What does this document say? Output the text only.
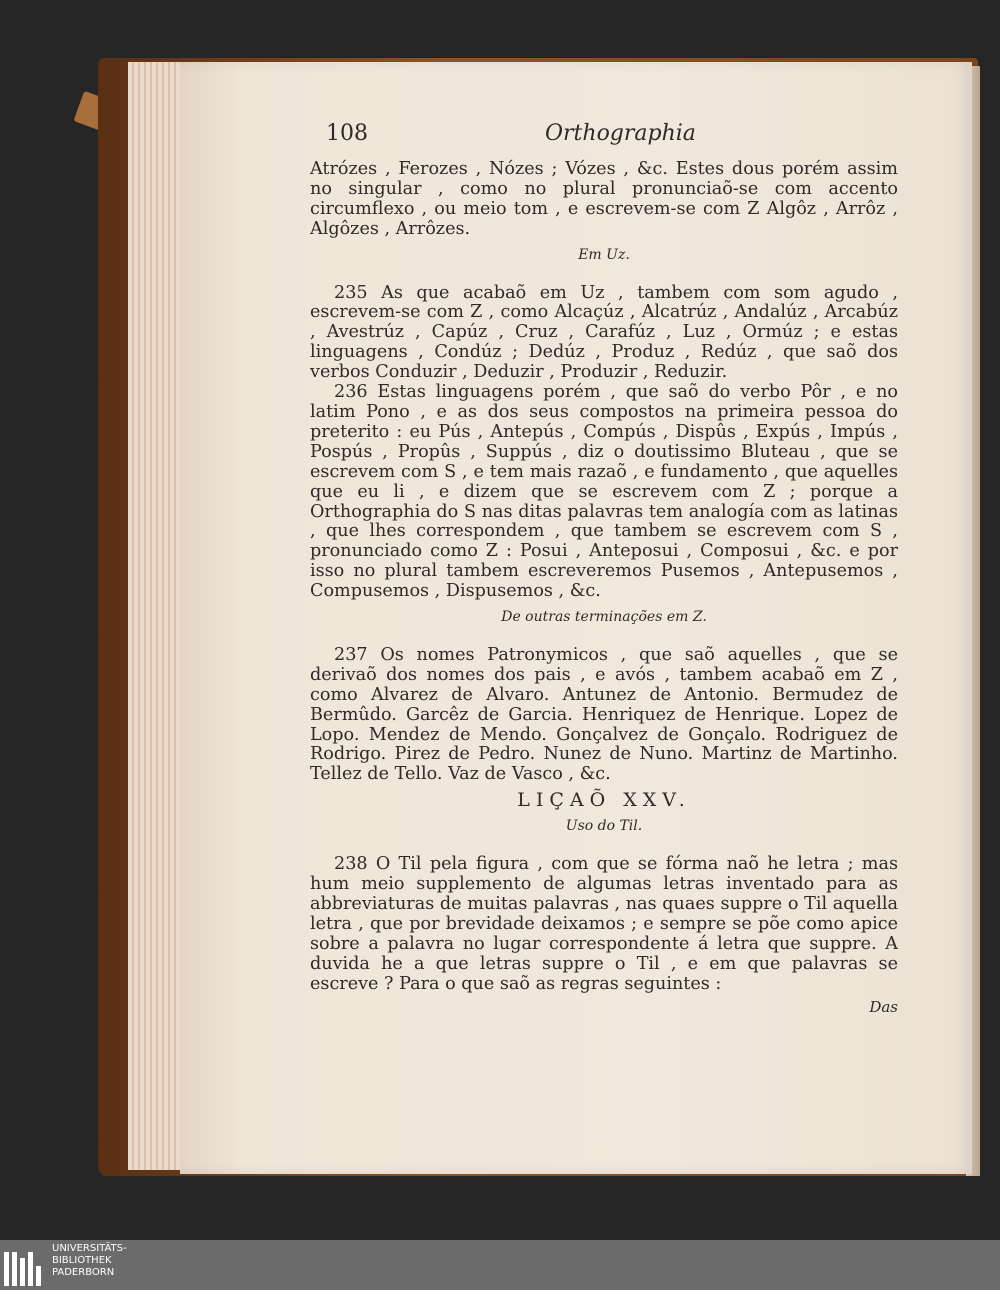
108	Orthographia

Atrózes , Ferozes , Nózes ; Vózes , &c. Estes dous porém assim no singular , como no plural pronunciaõ-se com accento circumflexo , ou meio tom , e escrevem-se com Z Algôz , Arrôz , Algôzes , Arrôzes.

Em Uz.

235 As que acabaõ em Uz , tambem com som agudo , escrevem-se com Z , como Alcaçúz , Alcatrúz , Andalúz , Arcabúz , Avestrúz , Capúz , Cruz , Carafúz , Luz , Ormúz ; e estas linguagens , Condúz ; Dedúz , Produz , Redúz , que saõ dos verbos Conduzir , Deduzir , Produzir , Reduzir.

236 Estas linguagens porém , que saõ do verbo Pôr , e no latim Pono , e as dos seus compostos na primeira pessoa do preterito : eu Pús , Antepús , Compús , Dispûs , Expús , Impús , Pospús , Propûs , Suppús , diz o doutissimo Bluteau , que se escrevem com S , e tem mais razaõ , e fundamento , que aquelles que eu li , e dizem que se escrevem com Z ; porque a Orthographia do S nas ditas palavras tem analogía com as latinas , que lhes correspondem , que tambem se escrevem com S , pronunciado como Z : Posui , Anteposui , Composui , &c. e por isso no plural tambem escreveremos Pusemos , Antepusemos , Compusemos , Dispusemos , &c.

De outras terminações em Z.

237 Os nomes Patronymicos , que saõ aquelles , que se derivaõ dos nomes dos pais , e avós , tambem acabaõ em Z , como Alvarez de Alvaro. Antunez de Antonio. Bermudez de Bermûdo. Garcêz de Garcia. Henriquez de Henrique. Lopez de Lopo. Mendez de Mendo. Gonçalvez de Gonçalo. Rodriguez de Rodrigo. Pirez de Pedro. Nunez de Nuno. Martinz de Martinho. Tellez de Tello. Vaz de Vasco , &c.

LIÇAÕ XXV.

Uso do Til.

238 O Til pela figura , com que se fórma naõ he letra ; mas hum meio supplemento de algumas letras inventado para as abbreviaturas de muitas palavras , nas quaes suppre o Til aquella letra , que por brevidade deixamos ; e sempre se põe como apice sobre a palavra no lugar correspondente á letra que suppre. A duvida he a que letras suppre o Til , e em que palavras se escreve ? Para o que saõ as regras seguintes :

Das
UNIVERSITÄTS-
BIBLIOTHEK
PADERBORN
